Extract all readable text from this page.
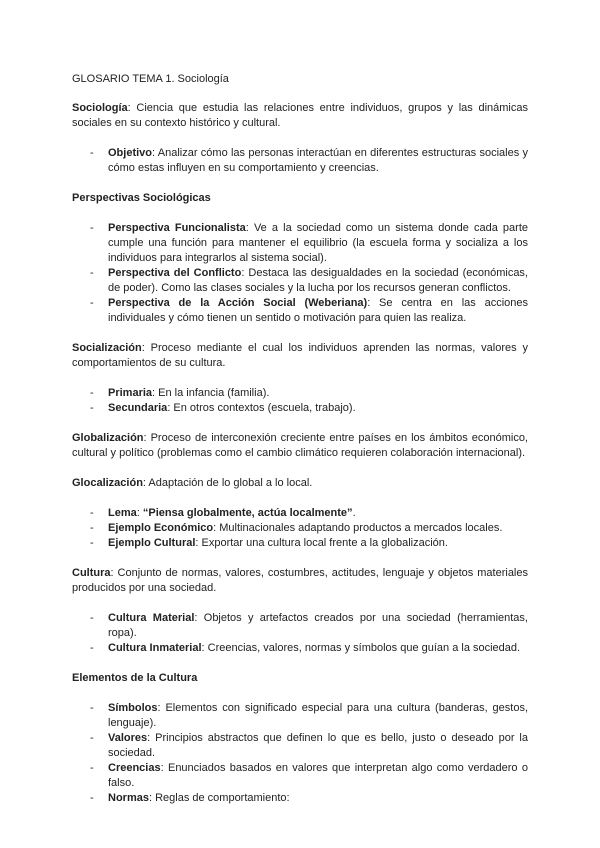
GLOSARIO TEMA 1. Sociología

Sociología: Ciencia que estudia las relaciones entre individuos, grupos y las dinámicas sociales en su contexto histórico y cultural.

- Objetivo: Analizar cómo las personas interactúan en diferentes estructuras sociales y cómo estas influyen en su comportamiento y creencias.
Perspectivas Sociológicas
- Perspectiva Funcionalista: Ve a la sociedad como un sistema donde cada parte cumple una función para mantener el equilibrio (la escuela forma y socializa a los individuos para integrarlos al sistema social).
- Perspectiva del Conflicto: Destaca las desigualdades en la sociedad (económicas, de poder). Como las clases sociales y la lucha por los recursos generan conflictos.
- Perspectiva de la Acción Social (Weberiana): Se centra en las acciones individuales y cómo tienen un sentido o motivación para quien las realiza.

Socialización: Proceso mediante el cual los individuos aprenden las normas, valores y comportamientos de su cultura.

- Primaria: En la infancia (familia).
- Secundaria: En otros contextos (escuela, trabajo).

Globalización: Proceso de interconexión creciente entre países en los ámbitos económico, cultural y político (problemas como el cambio climático requieren colaboración internacional).

Glocalización: Adaptación de lo global a lo local.

- Lema: “Piensa globalmente, actúa localmente”.
- Ejemplo Económico: Multinacionales adaptando productos a mercados locales.
- Ejemplo Cultural: Exportar una cultura local frente a la globalización.

Cultura: Conjunto de normas, valores, costumbres, actitudes, lenguaje y objetos materiales producidos por una sociedad.

- Cultura Material: Objetos y artefactos creados por una sociedad (herramientas, ropa).
- Cultura Inmaterial: Creencias, valores, normas y símbolos que guían a la sociedad.
Elementos de la Cultura
- Símbolos: Elementos con significado especial para una cultura (banderas, gestos, lenguaje).
- Valores: Principios abstractos que definen lo que es bello, justo o deseado por la sociedad.
- Creencias: Enunciados basados en valores que interpretan algo como verdadero o falso.
- Normas: Reglas de comportamiento:
